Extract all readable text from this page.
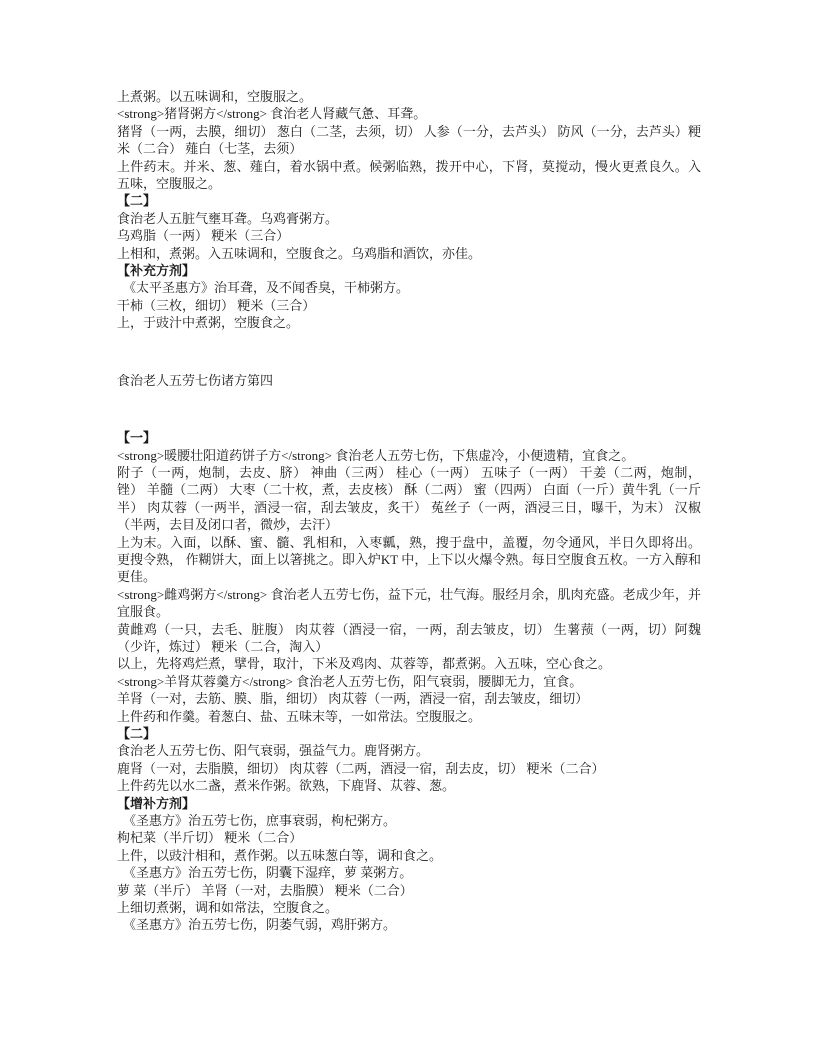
上煮粥。以五味调和，空腹服之。
<strong>猪肾粥方</strong> 食治老人肾藏气惫、耳聋。
猪肾（一两，去膜，细切） 葱白（二茎，去须，切） 人参（一分，去芦头） 防风（一分，去芦头）粳米（二合） 薤白（七茎，去须）
上件药末。并米、葱、薤白，着水锅中煮。候粥临熟，拨开中心，下肾，莫搅动，慢火更煮良久。入五味，空腹服之。
【二】
食治老人五脏气壅耳聋。乌鸡膏粥方。
乌鸡脂（一两） 粳米（三合）
上相和，煮粥。入五味调和，空腹食之。乌鸡脂和酒饮，亦佳。
【补充方剂】
《太平圣惠方》治耳聋，及不闻香臭，干柿粥方。
干柿（三枚，细切） 粳米（三合）
上，于豉汁中煮粥，空腹食之。
食治老人五劳七伤诸方第四
【一】
<strong>暖腰壮阳道药饼子方</strong> 食治老人五劳七伤，下焦虚冷，小便遗精，宜食之。
附子（一两，炮制，去皮、脐） 神曲（三两） 桂心（一两） 五味子（一两） 干姜（二两，炮制，锉） 羊髓（二两） 大枣（二十枚，煮，去皮核） 酥（二两） 蜜（四两） 白面（一斤）黄牛乳（一斤半） 肉苁蓉（一两半，酒浸一宿，刮去皱皮，炙干） 菟丝子（一两，酒浸三日，曝干，为末） 汉椒（半两，去目及闭口者，微炒，去汗）
上为末。入面，以酥、蜜、髓、乳相和，入枣瓤，熟，搜于盘中，盖覆，勿令通风，半日久即将出。更搜令熟， 作糊饼大，面上以箸挑之。即入炉KT 中，上下以火爆令熟。每日空腹食五枚。一方入醇和更佳。
<strong>雌鸡粥方</strong> 食治老人五劳七伤，益下元，壮气海。服经月余，肌肉充盛。老成少年，并宜服食。
黄雌鸡（一只，去毛、脏腹） 肉苁蓉（酒浸一宿，一两，刮去皱皮，切） 生薯蓣（一两，切）阿魏（少许，炼过） 粳米（二合，淘入）
以上，先将鸡烂煮，擘骨，取汁，下米及鸡肉、苁蓉等，都煮粥。入五味，空心食之。
<strong>羊肾苁蓉羹方</strong> 食治老人五劳七伤，阳气衰弱，腰脚无力，宜食。
羊肾（一对，去筋、膜、脂，细切） 肉苁蓉（一两，酒浸一宿，刮去皱皮，细切）
上件药和作羹。着葱白、盐、五味末等，一如常法。空腹服之。
【二】
食治老人五劳七伤、阳气衰弱，强益气力。鹿肾粥方。
鹿肾（一对，去脂膜，细切） 肉苁蓉（二两，酒浸一宿，刮去皮，切） 粳米（二合）
上件药先以水二盏，煮米作粥。欲熟，下鹿肾、苁蓉、葱。
【增补方剂】
《圣惠方》治五劳七伤，庶事衰弱，枸杞粥方。
枸杞菜（半斤切） 粳米（二合）
上件，以豉汁相和，煮作粥。以五味葱白等，调和食之。
《圣惠方》治五劳七伤，阴囊下湿痒，萝 菜粥方。
萝 菜（半斤） 羊肾（一对，去脂膜） 粳米（二合）
上细切煮粥，调和如常法，空腹食之。
《圣惠方》治五劳七伤，阴萎气弱，鸡肝粥方。
